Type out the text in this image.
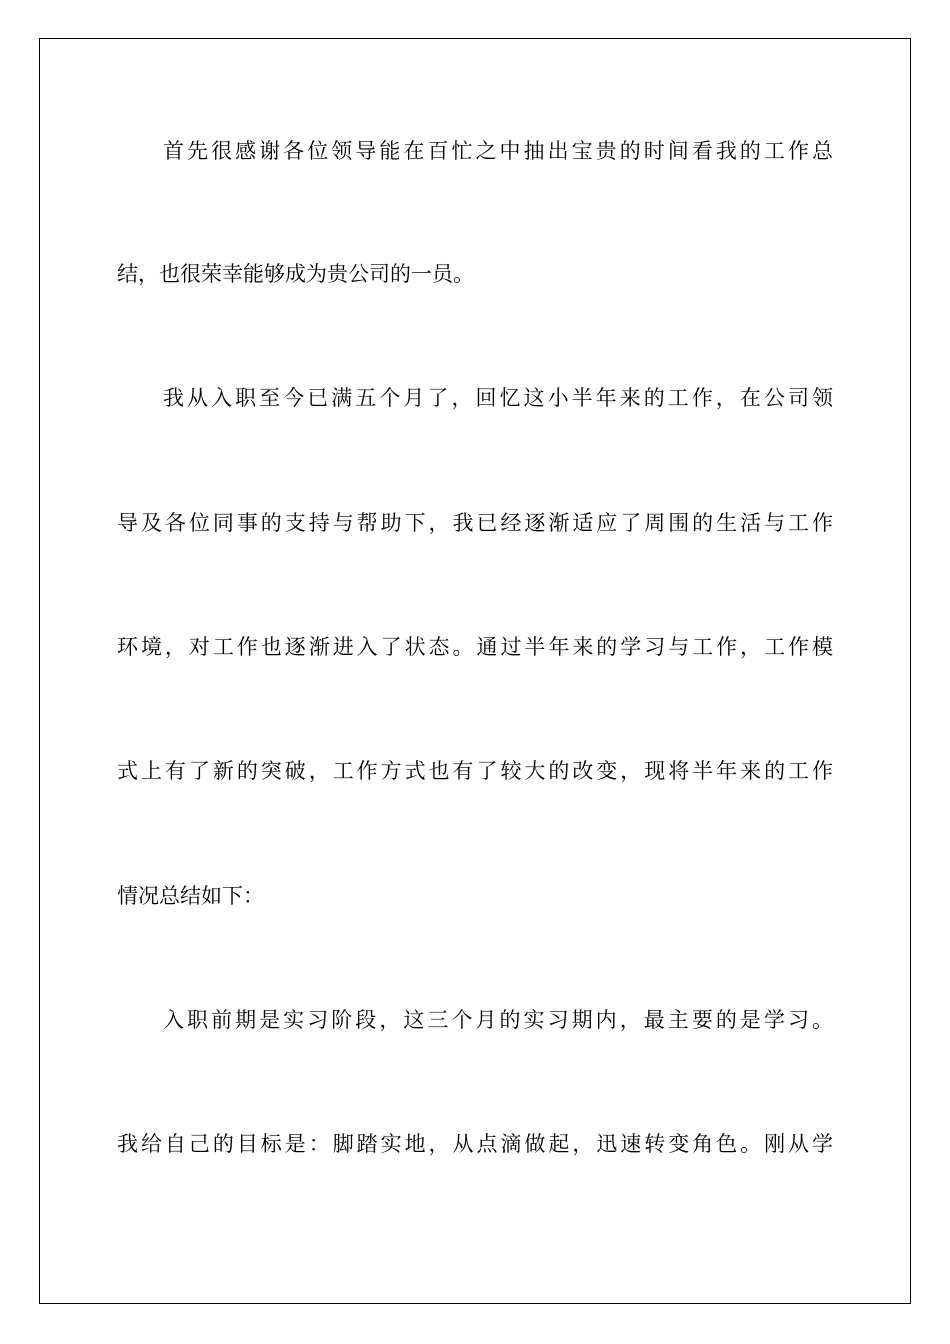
首先很感谢各位领导能在百忙之中抽出宝贵的时间看我的工作总
结，也很荣幸能够成为贵公司的一员。
我从入职至今已满五个月了，回忆这小半年来的工作，在公司领
导及各位同事的支持与帮助下，我已经逐渐适应了周围的生活与工作
环境，对工作也逐渐进入了状态。通过半年来的学习与工作，工作模
式上有了新的突破，工作方式也有了较大的改变，现将半年来的工作
情况总结如下：
入职前期是实习阶段，这三个月的实习期内，最主要的是学习。
我给自己的目标是：脚踏实地，从点滴做起，迅速转变角色。刚从学
